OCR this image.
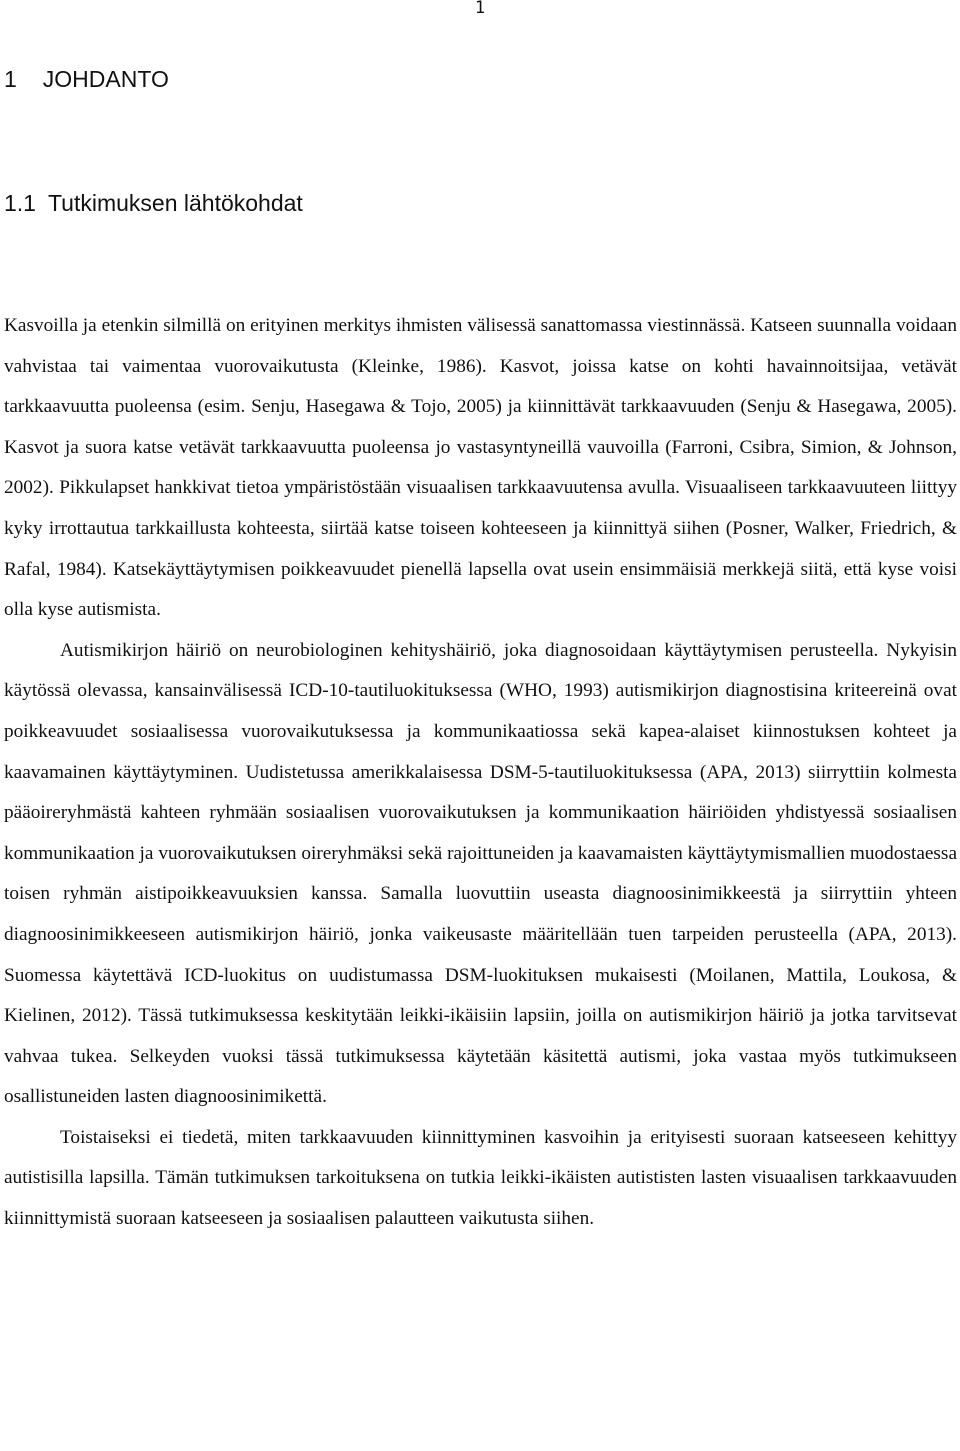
1
1 JOHDANTO
1.1 Tutkimuksen lähtökohdat

Kasvoilla ja etenkin silmillä on erityinen merkitys ihmisten välisessä sanattomassa viestinnässä. Katseen suunnalla voidaan vahvistaa tai vaimentaa vuorovaikutusta (Kleinke, 1986). Kasvot, joissa katse on kohti havainnoitsijaa, vetävät tarkkaavuutta puoleensa (esim. Senju, Hasegawa & Tojo, 2005) ja kiinnittävät tarkkaavuuden (Senju & Hasegawa, 2005). Kasvot ja suora katse vetävät tarkkaavuutta puoleensa jo vastasyntyneillä vauvoilla (Farroni, Csibra, Simion, & Johnson, 2002). Pikkulapset hankkivat tietoa ympäristöstään visuaalisen tarkkaavuutensa avulla. Visuaaliseen tarkkaavuuteen liittyy kyky irrottautua tarkkaillusta kohteesta, siirtää katse toiseen kohteeseen ja kiinnittyä siihen (Posner, Walker, Friedrich, & Rafal, 1984). Katsekäyttäytymisen poikkeavuudet pienellä lapsella ovat usein ensimmäisiä merkkejä siitä, että kyse voisi olla kyse autismista.

Autismikirjon häiriö on neurobiologinen kehityshäiriö, joka diagnosoidaan käyttäytymisen perusteella. Nykyisin käytössä olevassa, kansainvälisessä ICD-10-tautiluokituksessa (WHO, 1993) autismikirjon diagnostisina kriteereinä ovat poikkeavuudet sosiaalisessa vuorovaikutuksessa ja kommunikaatiossa sekä kapea-alaiset kiinnostuksen kohteet ja kaavamainen käyttäytyminen. Uudistetussa amerikkalaisessa DSM-5-tautiluokituksessa (APA, 2013) siirryttiin kolmesta pääoireryhmästä kahteen ryhmään sosiaalisen vuorovaikutuksen ja kommunikaation häiriöiden yhdistyessä sosiaalisen kommunikaation ja vuorovaikutuksen oireryhmäksi sekä rajoittuneiden ja kaavamaisten käyttäytymismallien muodostaessa toisen ryhmän aistipoikkeavuuksien kanssa. Samalla luovuttiin useasta diagnoosinimikkeestä ja siirryttiin yhteen diagnoosinimikkeeseen autismikirjon häiriö, jonka vaikeusaste määritellään tuen tarpeiden perusteella (APA, 2013). Suomessa käytettävä ICD-luokitus on uudistumassa DSM-luokituksen mukaisesti (Moilanen, Mattila, Loukosa, & Kielinen, 2012). Tässä tutkimuksessa keskitytään leikki-ikäisiin lapsiin, joilla on autismikirjon häiriö ja jotka tarvitsevat vahvaa tukea. Selkeyden vuoksi tässä tutkimuksessa käytetään käsitettä autismi, joka vastaa myös tutkimukseen osallistuneiden lasten diagnoosinimikettä.

Toistaiseksi ei tiedetä, miten tarkkaavuuden kiinnittyminen kasvoihin ja erityisesti suoraan katseeseen kehittyy autistisilla lapsilla. Tämän tutkimuksen tarkoituksena on tutkia leikki-ikäisten autististen lasten visuaalisen tarkkaavuuden kiinnittymistä suoraan katseeseen ja sosiaalisen palautteen vaikutusta siihen.
